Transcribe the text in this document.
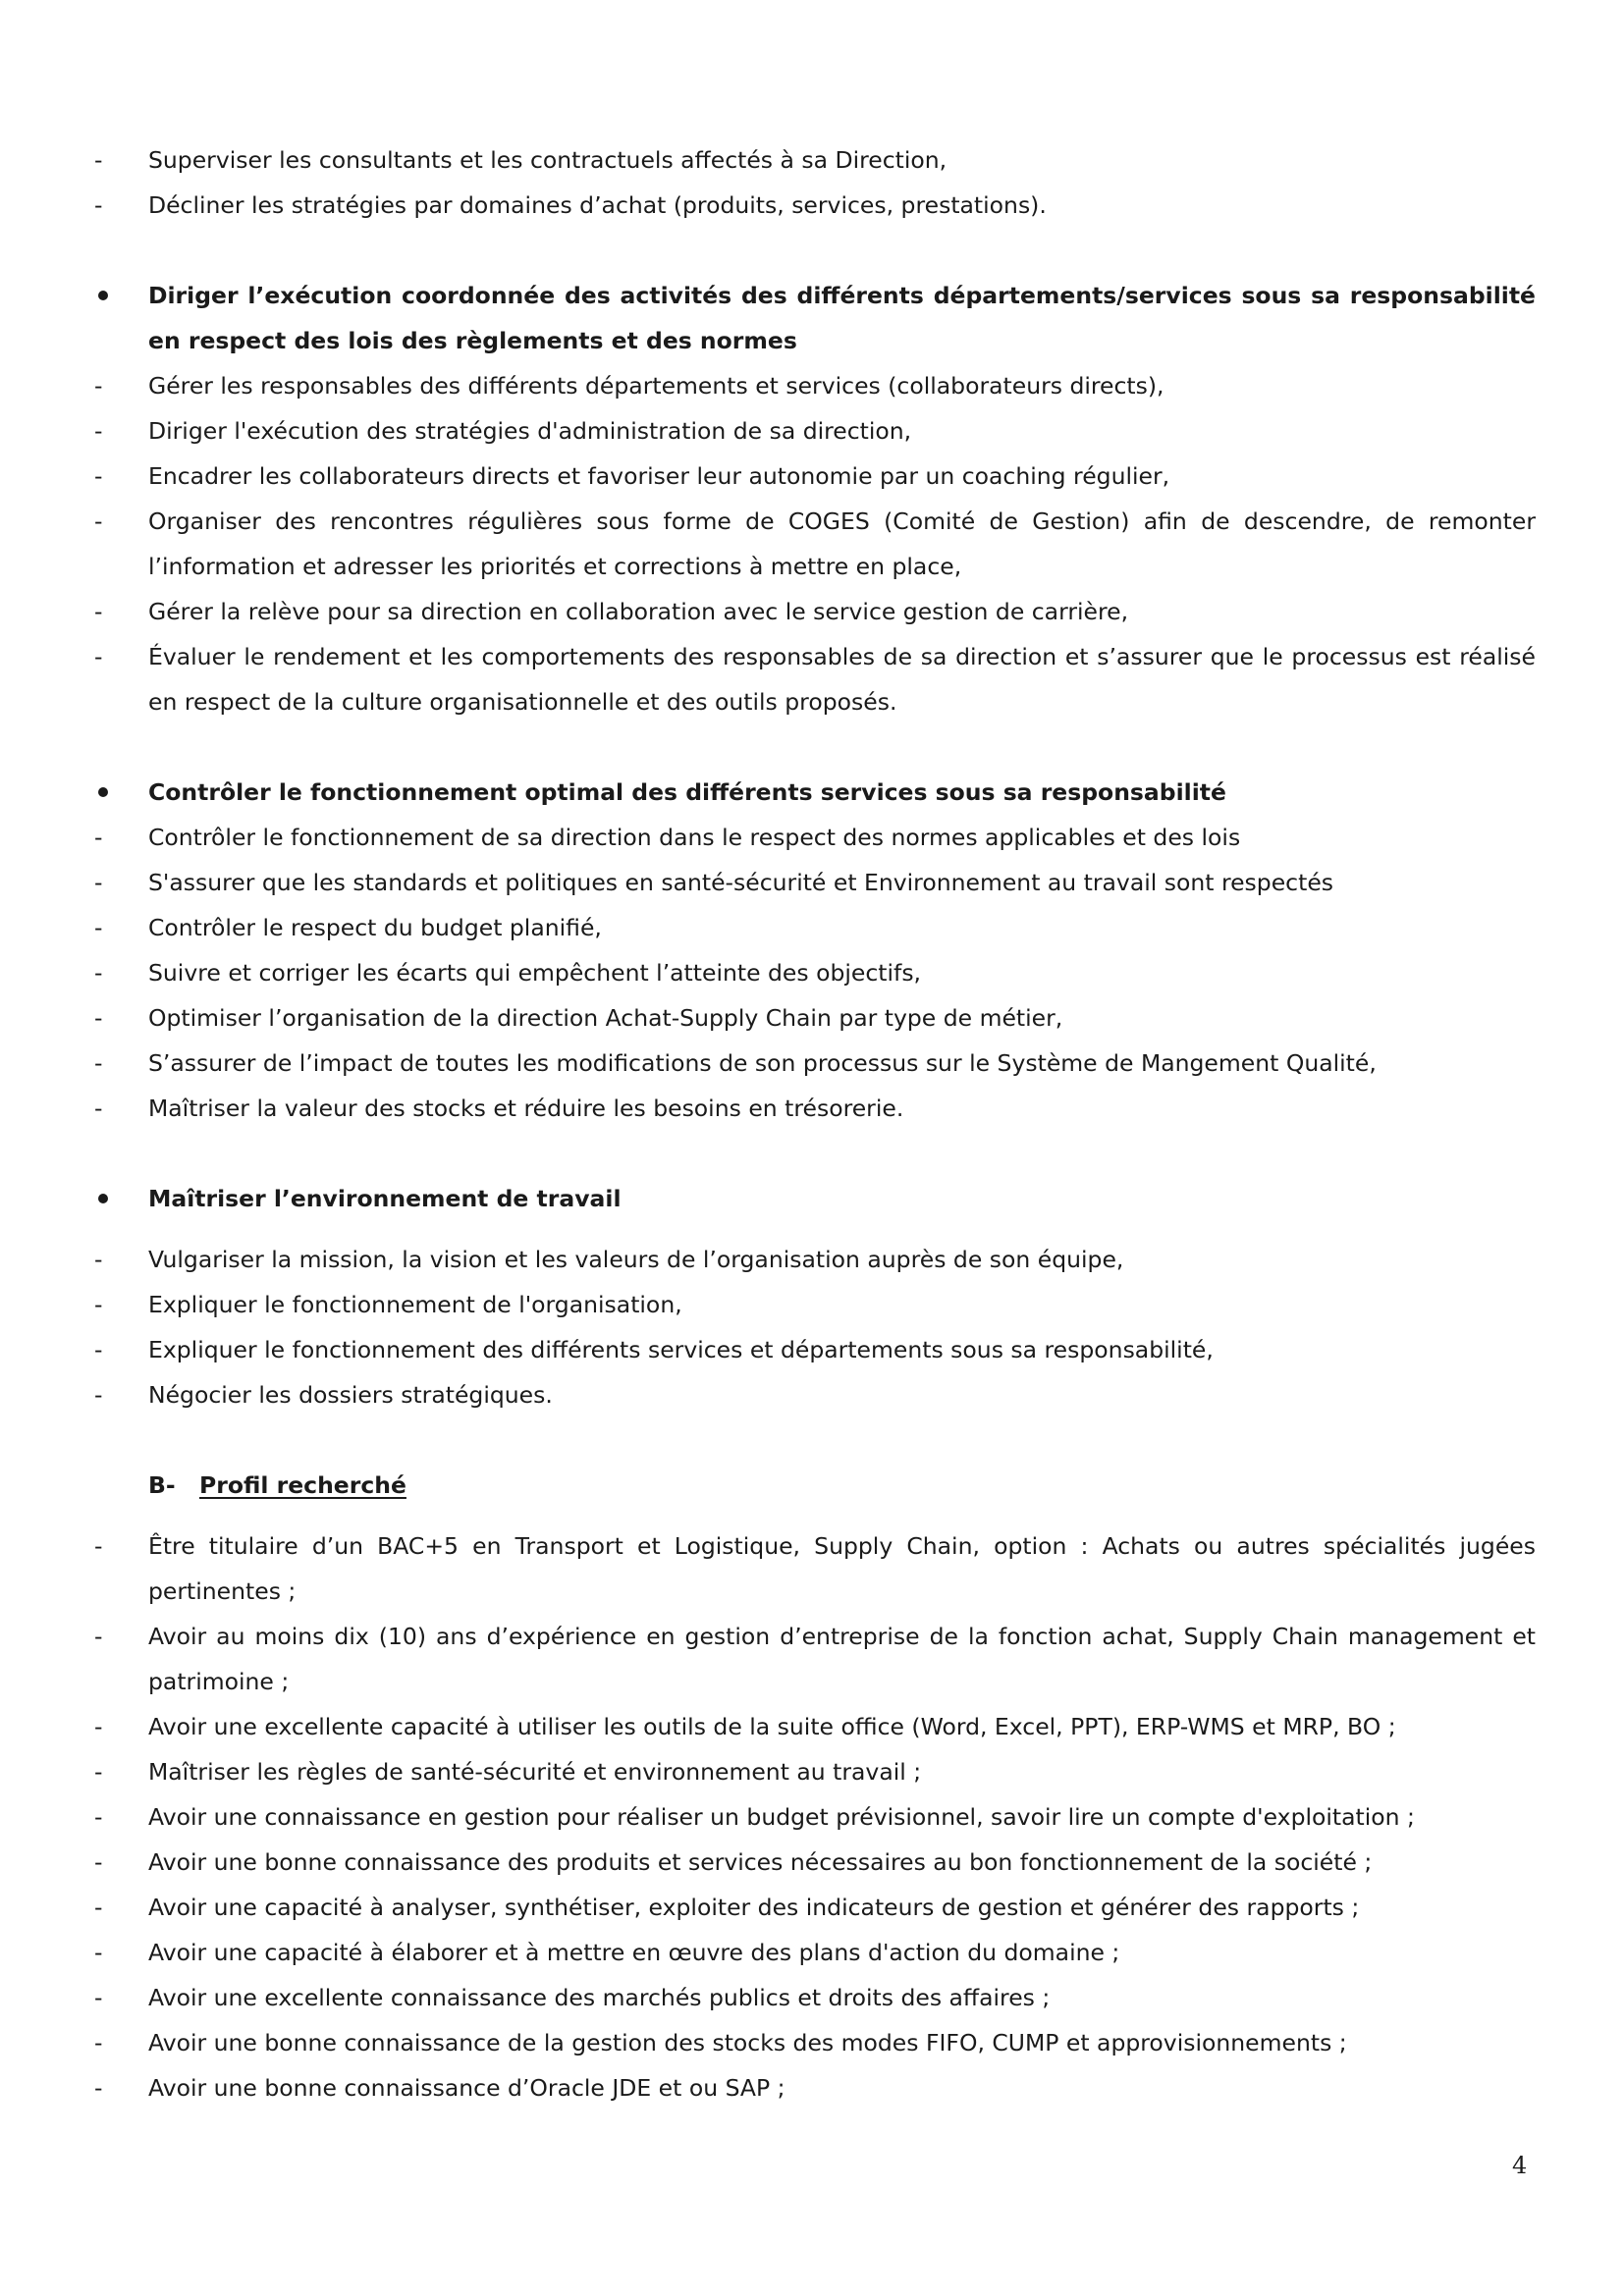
-	Superviser les consultants et les contractuels affectés à sa Direction,
-	Décliner les stratégies par domaines d’achat (produits, services, prestations).
Diriger l’exécution coordonnée des activités des différents départements/services sous sa responsabilité en respect des lois des règlements et des normes
-	Gérer les responsables des différents départements et services (collaborateurs directs),
-	Diriger l'exécution des stratégies d'administration de sa direction,
-	Encadrer les collaborateurs directs et favoriser leur autonomie par un coaching régulier,
-	Organiser des rencontres régulières sous forme de COGES (Comité de Gestion) afin de descendre, de remonter l’information et adresser les priorités et corrections à mettre en place,
-	Gérer la relève pour sa direction en collaboration avec le service gestion de carrière,
-	Évaluer le rendement et les comportements des responsables de sa direction et s’assurer que le processus est réalisé en respect de la culture organisationnelle et des outils proposés.
Contrôler le fonctionnement optimal des différents services sous sa responsabilité
-	Contrôler le fonctionnement de sa direction dans le respect des normes applicables et des lois
-	S'assurer que les standards et politiques en santé-sécurité et Environnement au travail sont respectés
-	Contrôler le respect du budget planifié,
-	Suivre et corriger les écarts qui empêchent l’atteinte des objectifs,
-	Optimiser l’organisation de la direction Achat-Supply Chain par type de métier,
-	S’assurer de l’impact de toutes les modifications de son processus sur le Système de Mangement Qualité,
-	Maîtriser la valeur des stocks et réduire les besoins en trésorerie.
Maîtriser l’environnement de travail
-	Vulgariser la mission, la vision et les valeurs de l’organisation auprès de son équipe,
-	Expliquer le fonctionnement de l'organisation,
-	Expliquer le fonctionnement des différents services et départements sous sa responsabilité,
-	Négocier les dossiers stratégiques.
B- Profil recherché
-	Être titulaire d’un BAC+5 en Transport et Logistique, Supply Chain, option : Achats ou autres spécialités jugées pertinentes ;
-	Avoir au moins dix (10) ans d’expérience en gestion d’entreprise de la fonction achat, Supply Chain management et patrimoine ;
-	Avoir une excellente capacité à utiliser les outils de la suite office (Word, Excel, PPT), ERP-WMS et MRP, BO ;
-	Maîtriser les règles de santé-sécurité et environnement au travail ;
-	Avoir une connaissance en gestion pour réaliser un budget prévisionnel, savoir lire un compte d'exploitation ;
-	Avoir une bonne connaissance des produits et services nécessaires au bon fonctionnement de la société ;
-	Avoir une capacité à analyser, synthétiser, exploiter des indicateurs de gestion et générer des rapports ;
-	Avoir une capacité à élaborer et à mettre en œuvre des plans d'action du domaine ;
-	Avoir une excellente connaissance des marchés publics et droits des affaires ;
-	Avoir une bonne connaissance de la gestion des stocks des modes FIFO, CUMP et approvisionnements ;
-	Avoir une bonne connaissance d’Oracle JDE et ou SAP ;
4
